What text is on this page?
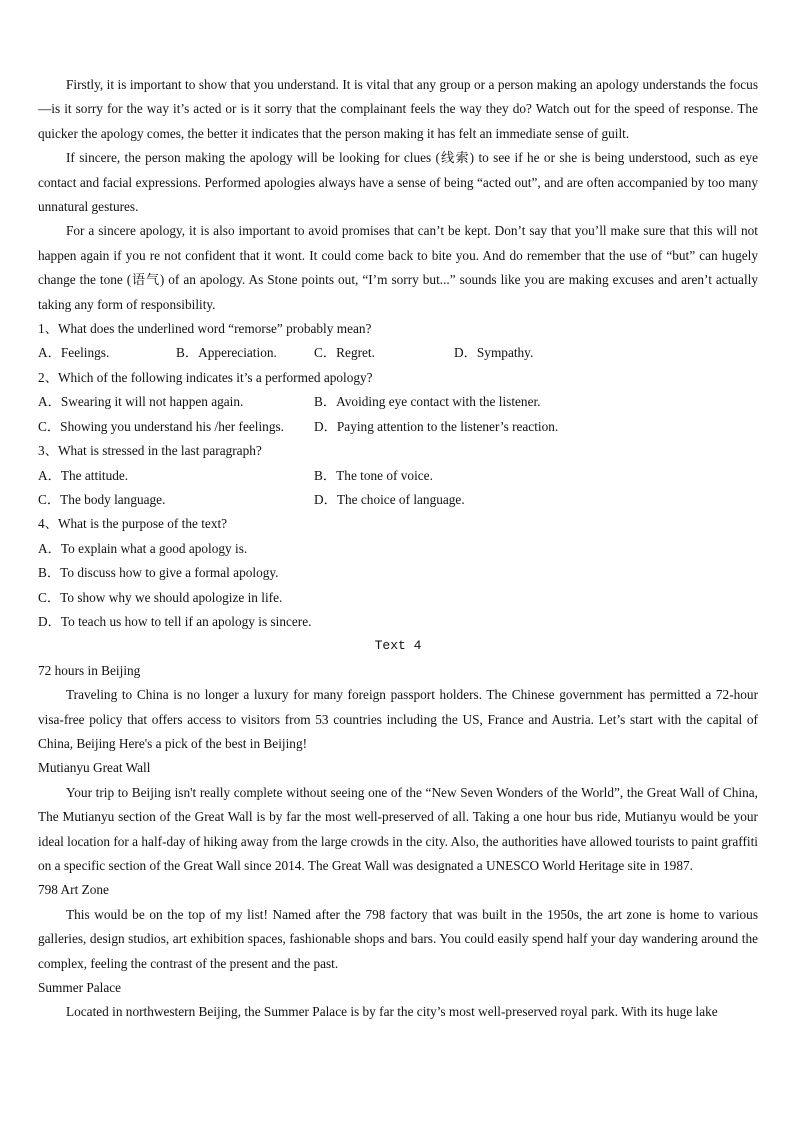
Firstly, it is important to show that you understand. It is vital that any group or a person making an apology understands the focus—is it sorry for the way it’s acted or is it sorry that the complainant feels the way they do? Watch out for the speed of response. The quicker the apology comes, the better it indicates that the person making it has felt an immediate sense of guilt.

If sincere, the person making the apology will be looking for clues (线索) to see if he or she is being understood, such as eye contact and facial expressions. Performed apologies always have a sense of being “acted out”, and are often accompanied by too many unnatural gestures.

For a sincere apology, it is also important to avoid promises that can’t be kept. Don’t say that you’ll make sure that this will not happen again if you re not confident that it wont. It could come back to bite you. And do remember that the use of “but” can hugely change the tone (语气) of an apology. As Stone points out, “I’m sorry but...” sounds like you are making excuses and aren’t actually taking any form of responsibility.

1、What does the underlined word “remorse” probably mean?

A．Feelings.	B．Appereciation.	C．Regret.	D．Sympathy.

2、Which of the following indicates it’s a performed apology?

A．Swearing it will not happen again.	B．Avoiding eye contact with the listener.

C．Showing you understand his /her feelings.	D．Paying attention to the listener’s reaction.

3、What is stressed in the last paragraph?

A．The attitude.	B．The tone of voice.

C．The body language.	D．The choice of language.

4、What is the purpose of the text?

A．To explain what a good apology is.

B．To discuss how to give a formal apology.

C．To show why we should apologize in life.

D．To teach us how to tell if an apology is sincere.

Text 4

72 hours in Beijing

Traveling to China is no longer a luxury for many foreign passport holders. The Chinese government has permitted a 72-hour visa-free policy that offers access to visitors from 53 countries including the US, France and Austria. Let’s start with the capital of China, Beijing Here's a pick of the best in Beijing!

Mutianyu Great Wall

Your trip to Beijing isn't really complete without seeing one of the “New Seven Wonders of the World”, the Great Wall of China, The Mutianyu section of the Great Wall is by far the most well-preserved of all. Taking a one hour bus ride, Mutianyu would be your ideal location for a half-day of hiking away from the large crowds in the city. Also, the authorities have allowed tourists to paint graffiti on a specific section of the Great Wall since 2014. The Great Wall was designated a UNESCO World Heritage site in 1987.

798 Art Zone

This would be on the top of my list! Named after the 798 factory that was built in the 1950s, the art zone is home to various galleries, design studios, art exhibition spaces, fashionable shops and bars. You could easily spend half your day wandering around the complex, feeling the contrast of the present and the past.

Summer Palace

Located in northwestern Beijing, the Summer Palace is by far the city’s most well-preserved royal park. With its huge lake
